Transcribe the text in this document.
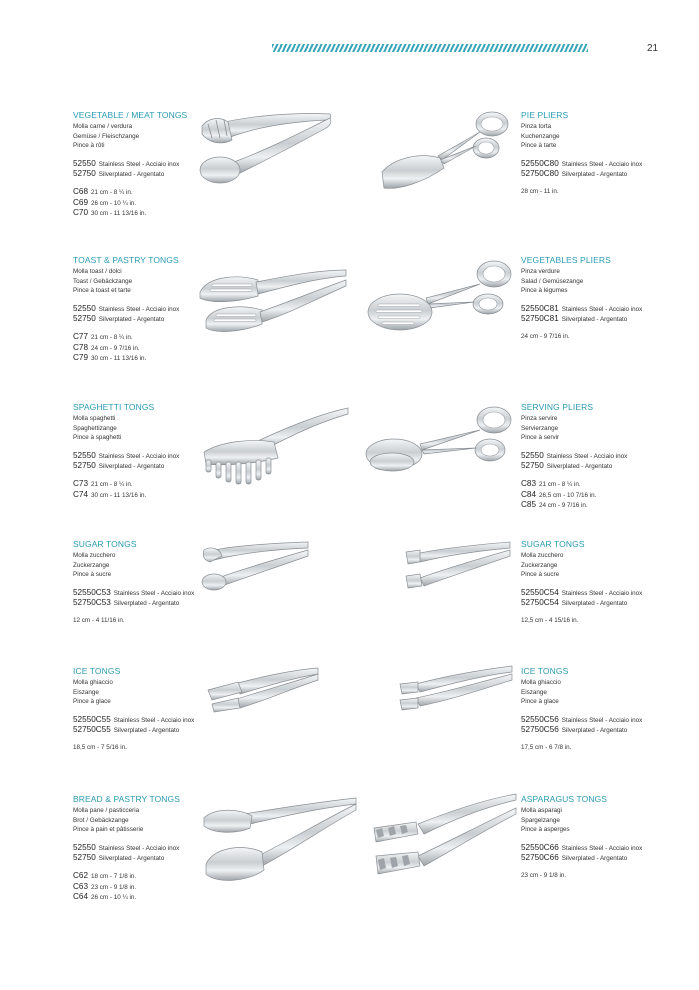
21
VEGETABLE / MEAT TONGS
Molla carne / verdura
Gemüse / Fleischzange
Pince à rôti
52550 Stainless Steel - Acciaio inox
52750 Silverplated - Argentato
C68 21 cm - 8 ¼ in.
C69 26 cm - 10 ¼ in.
C70 30 cm - 11 13/16 in.
PIE PLIERS
Pinza torta
Kuchenzange
Pince à tarte
52550C80 Stainless Steel - Acciaio inox
52750C80 Silverplated - Argentato
28 cm - 11 in.
TOAST & PASTRY TONGS
Molla toast / dolci
Toast / Gebäckzange
Pince à toast et tarte
52550 Stainless Steel - Acciaio inox
52750 Silverplated - Argentato
C77 21 cm - 8 ¼ in.
C78 24 cm - 9 7/16 in.
C79 30 cm - 11 13/16 in.
VEGETABLES PLIERS
Pinza verdure
Salad / Gemüsezange
Pince à légumes
52550C81 Stainless Steel - Acciaio inox
52750C81 Silverplated - Argentato
24 cm - 9 7/16 in.
SPAGHETTI TONGS
Molla spaghetti
Spaghettizange
Pince à spaghetti
52550 Stainless Steel - Acciaio inox
52750 Silverplated - Argentato
C73 21 cm - 8 ¼ in.
C74 30 cm - 11 13/16 in.
SERVING PLIERS
Pinza servire
Servierzange
Pince à servir
52550 Stainless Steel - Acciaio inox
52750 Silverplated - Argentato
C83 21 cm - 8 ¼ in.
C84 26,5 cm - 10 7/16 in.
C85 24 cm - 9 7/16 in.
SUGAR TONGS
Molla zucchero
Zuckerzange
Pince à sucre
52550C53 Stainless Steel - Acciaio inox
52750C53 Silverplated - Argentato
12 cm - 4 11/16 in.
SUGAR TONGS
Molla zucchero
Zuckerzange
Pince à sucre
52550C54 Stainless Steel - Acciaio inox
52750C54 Silverplated - Argentato
12,5 cm - 4 15/16 in.
ICE TONGS
Molla ghiaccio
Eiszange
Pince à glace
52550C55 Stainless Steel - Acciaio inox
52750C55 Silverplated - Argentato
18,5 cm - 7 5/16 in.
ICE TONGS
Molla ghiaccio
Eiszange
Pince à glace
52550C56 Stainless Steel - Acciaio inox
52750C56 Silverplated - Argentato
17,5 cm - 6 7/8 in.
BREAD & PASTRY TONGS
Molla pane / pasticceria
Brot / Gebäckzange
Pince à pain et pâtisserie
52550 Stainless Steel - Acciaio inox
52750 Silverplated - Argentato
C62 18 cm - 7 1/8 in.
C63 23 cm - 9 1/8 in.
C64 26 cm - 10 ¼ in.
ASPARAGUS TONGS
Molla asparagi
Spargelzange
Pince à asperges
52550C66 Stainless Steel - Acciaio inox
52750C66 Silverplated - Argentato
23 cm - 9 1/8 in.
